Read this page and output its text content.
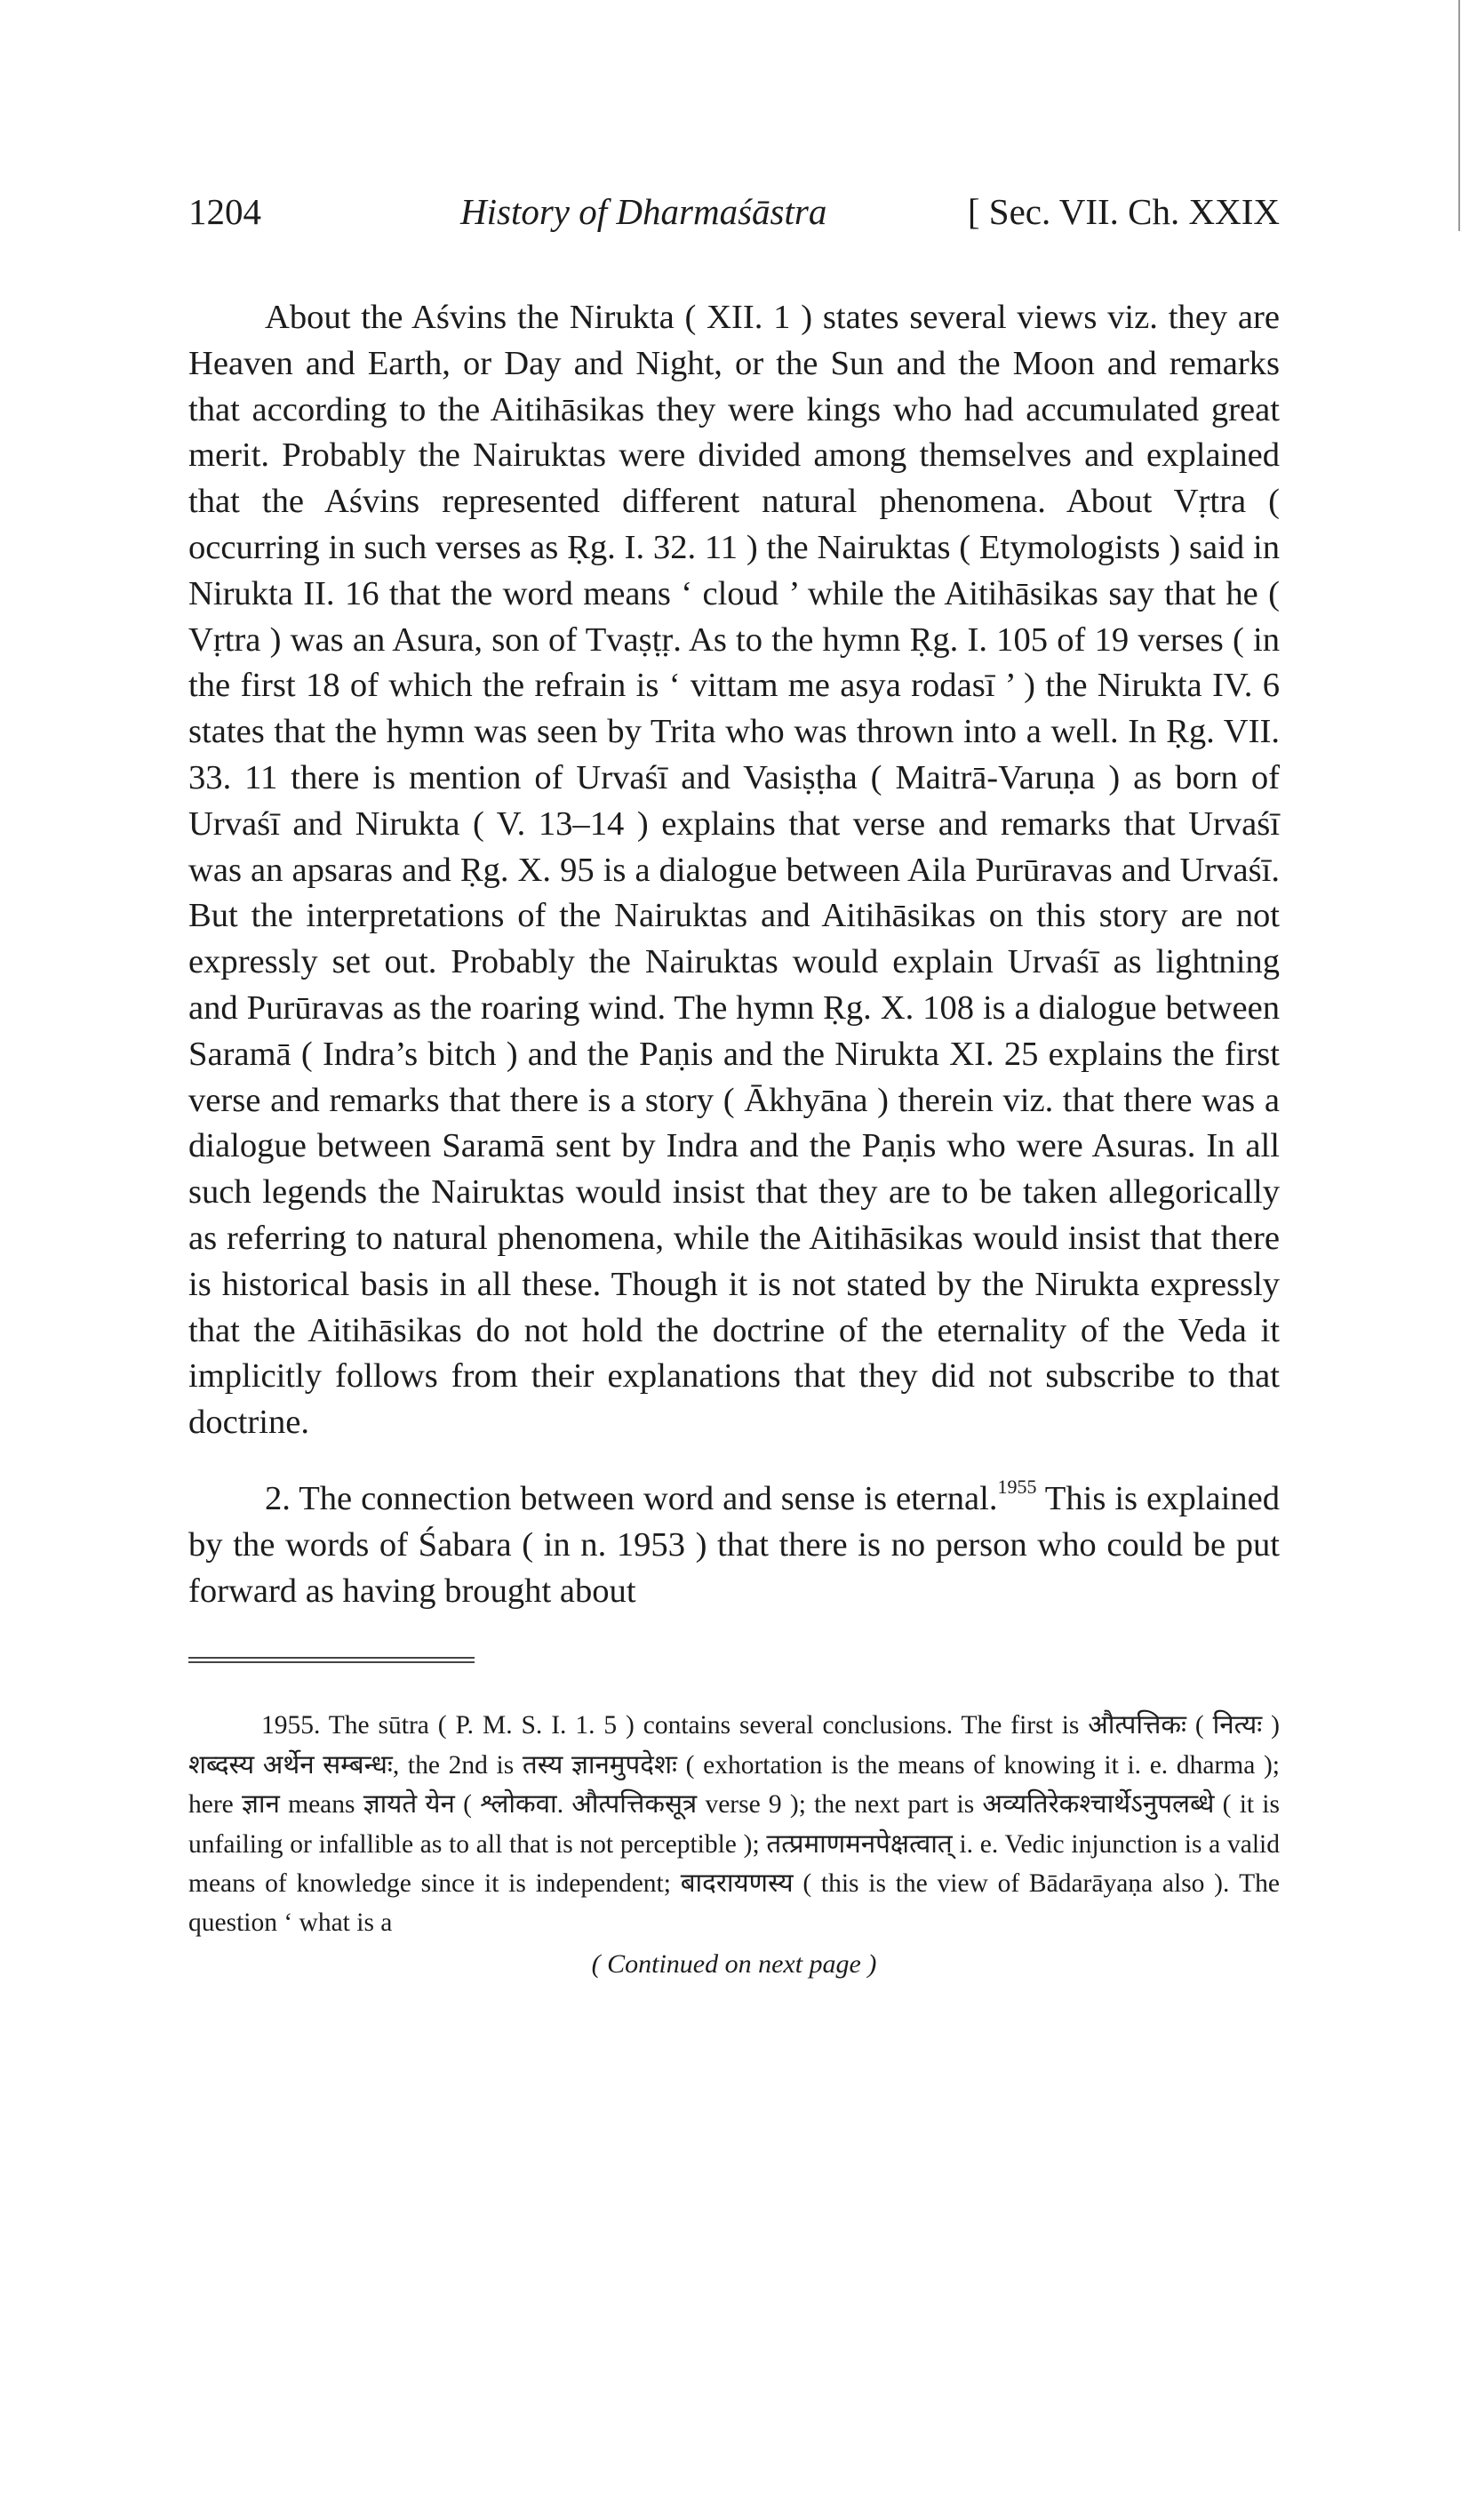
1204	History of Dharmaśāstra	[ Sec. VII. Ch. XXIX

About the Aśvins the Nirukta ( XII. 1 ) states several views viz. they are Heaven and Earth, or Day and Night, or the Sun and the Moon and remarks that according to the Aitihāsikas they were kings who had accumulated great merit. Probably the Nairuktas were divided among themselves and explained that the Aśvins represented different natural phenomena. About Vṛtra ( occurring in such verses as Ṛg. I. 32. 11 ) the Nairuktas ( Etymologists ) said in Nirukta II. 16 that the word means ‘ cloud ’ while the Aitihāsikas say that he ( Vṛtra ) was an Asura, son of Tvaṣṭṛ. As to the hymn Ṛg. I. 105 of 19 verses ( in the first 18 of which the refrain is ‘ vittam me asya rodasī ’ ) the Nirukta IV. 6 states that the hymn was seen by Trita who was thrown into a well. In Ṛg. VII. 33. 11 there is mention of Urvaśī and Vasiṣṭha ( Maitrā-Varuṇa ) as born of Urvaśī and Nirukta ( V. 13–14 ) explains that verse and remarks that Urvaśī was an apsaras and Ṛg. X. 95 is a dialogue between Aila Purūravas and Urvaśī. But the interpretations of the Nairuktas and Aitihāsikas on this story are not expressly set out. Probably the Nairuktas would explain Urvaśī as lightning and Purūravas as the roaring wind. The hymn Ṛg. X. 108 is a dialogue between Saramā ( Indra’s bitch ) and the Paṇis and the Nirukta XI. 25 explains the first verse and remarks that there is a story ( Ākhyāna ) therein viz. that there was a dialogue between Saramā sent by Indra and the Paṇis who were Asuras. In all such legends the Nairuktas would insist that they are to be taken allegorically as referring to natural phenomena, while the Aitihāsikas would insist that there is historical basis in all these. Though it is not stated by the Nirukta expressly that the Aitihāsikas do not hold the doctrine of the eternality of the Veda it implicitly follows from their explanations that they did not subscribe to that doctrine.

2. The connection between word and sense is eternal.$^{1955}$ This is explained by the words of Śabara ( in n. 1953 ) that there is no person who could be put forward as having brought about

1955. The sūtra ( P. M. S. I. 1. 5 ) contains several conclusions. The first is औत्पत्तिकः ( नित्यः ) शब्दस्य अर्थेन सम्बन्धः, the 2nd is तस्य ज्ञानमुपदेशः ( exhortation is the means of knowing it i. e. dharma ); here ज्ञान means ज्ञायते येन ( श्लोकवा. औत्पत्तिकसूत्र verse 9 ); the next part is अव्यतिरेकश्चार्थेऽनुपलब्धे ( it is unfailing or infallible as to all that is not perceptible ); तत्प्रमाणमनपेक्षत्वात् i. e. Vedic injunction is a valid means of knowledge since it is independent; बादरायणस्य ( this is the view of Bādarāyaṇa also ). The question ‘ what is a

( Continued on next page )
